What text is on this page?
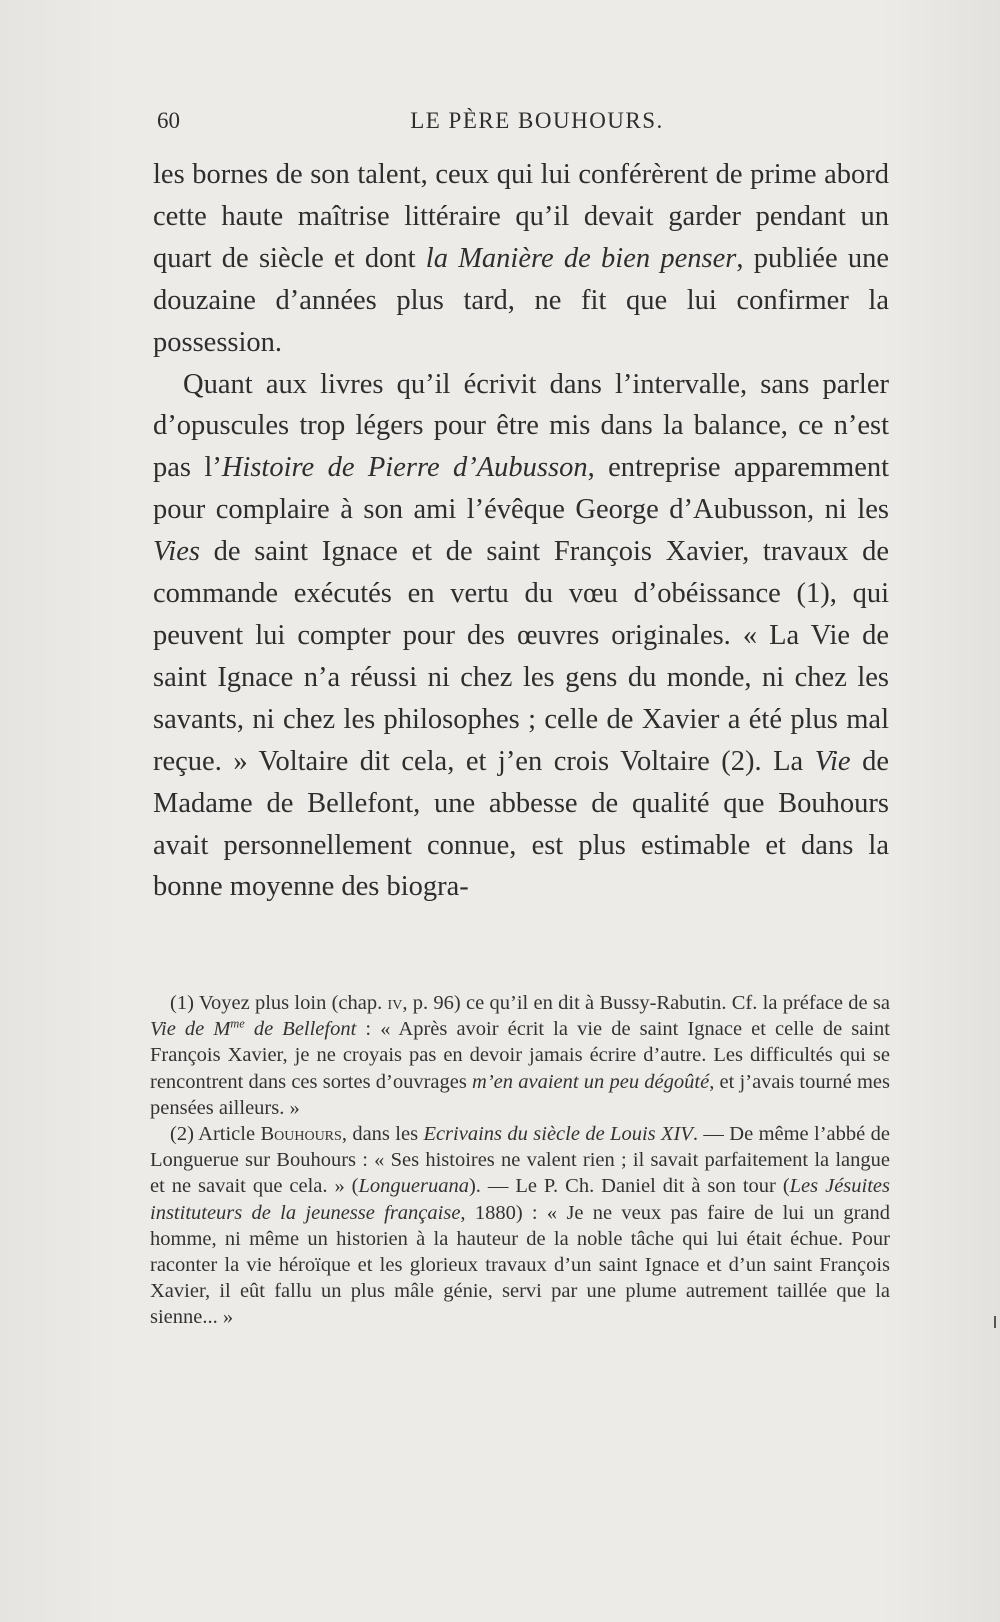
60	LE PÈRE BOUHOURS.

les bornes de son talent, ceux qui lui conférèrent de prime abord cette haute maîtrise littéraire qu’il devait garder pendant un quart de siècle et dont la Manière de bien penser, publiée une douzaine d’années plus tard, ne fit que lui confirmer la possession.

Quant aux livres qu’il écrivit dans l’intervalle, sans parler d’opuscules trop légers pour être mis dans la balance, ce n’est pas l’Histoire de Pierre d’Aubusson, entreprise apparemment pour complaire à son ami l’évêque George d’Aubusson, ni les Vies de saint Ignace et de saint François Xavier, travaux de commande exécutés en vertu du vœu d’obéissance (1), qui peuvent lui compter pour des œuvres originales. « La Vie de saint Ignace n’a réussi ni chez les gens du monde, ni chez les savants, ni chez les philosophes ; celle de Xavier a été plus mal reçue. » Voltaire dit cela, et j’en crois Voltaire (2). La Vie de Madame de Bellefont, une abbesse de qualité que Bouhours avait personnellement connue, est plus estimable et dans la bonne moyenne des biogra-

(1) Voyez plus loin (chap. iv, p. 96) ce qu’il en dit à Bussy-Rabutin. Cf. la préface de sa Vie de $M^{me}$ de Bellefont : « Après avoir écrit la vie de saint Ignace et celle de saint François Xavier, je ne croyais pas en devoir jamais écrire d’autre. Les difficultés qui se rencontrent dans ces sortes d’ouvrages m’en avaient un peu dégoûté, et j’avais tourné mes pensées ailleurs. »

(2) Article Bouhours, dans les Ecrivains du siècle de Louis XIV. — De même l’abbé de Longuerue sur Bouhours : « Ses histoires ne valent rien ; il savait parfaitement la langue et ne savait que cela. » (Longueruana). — Le P. Ch. Daniel dit à son tour (Les Jésuites instituteurs de la jeunesse française, 1880) : « Je ne veux pas faire de lui un grand homme, ni même un historien à la hauteur de la noble tâche qui lui était échue. Pour raconter la vie héroïque et les glorieux travaux d’un saint Ignace et d’un saint François Xavier, il eût fallu un plus mâle génie, servi par une plume autrement taillée que la sienne... »
